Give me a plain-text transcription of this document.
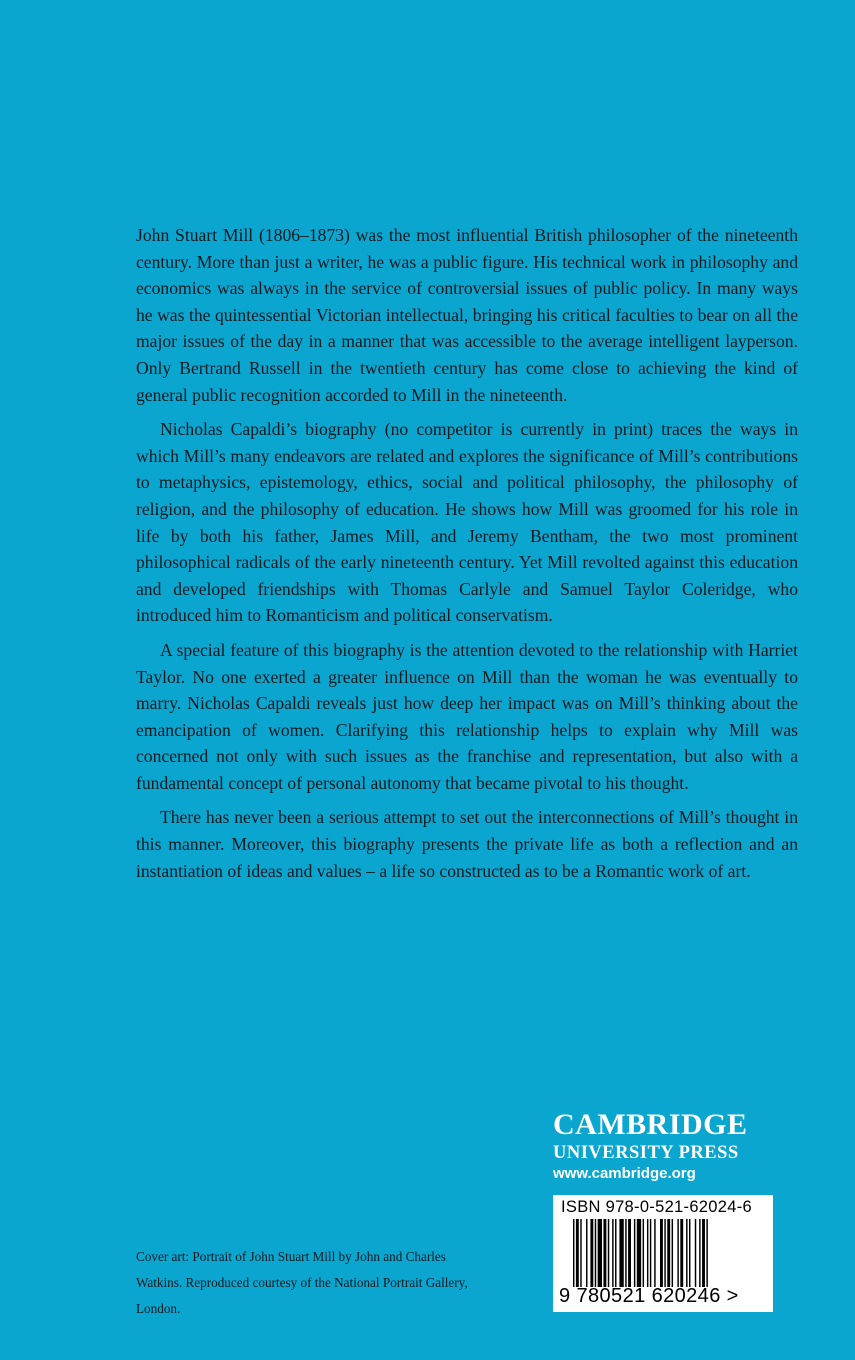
John Stuart Mill (1806–1873) was the most influential British philosopher of the nineteenth century. More than just a writer, he was a public figure. His technical work in philosophy and economics was always in the service of controversial issues of public policy. In many ways he was the quintessential Victorian intellectual, bringing his critical faculties to bear on all the major issues of the day in a manner that was accessible to the average intelligent layperson. Only Bertrand Russell in the twentieth century has come close to achieving the kind of general public recognition accorded to Mill in the nineteenth.

Nicholas Capaldi’s biography (no competitor is currently in print) traces the ways in which Mill’s many endeavors are related and explores the significance of Mill’s contributions to metaphysics, epistemology, ethics, social and political philosophy, the philosophy of religion, and the philosophy of education. He shows how Mill was groomed for his role in life by both his father, James Mill, and Jeremy Bentham, the two most prominent philosophical radicals of the early nineteenth century. Yet Mill revolted against this education and developed friendships with Thomas Carlyle and Samuel Taylor Coleridge, who introduced him to Romanticism and political conservatism.

A special feature of this biography is the attention devoted to the relationship with Harriet Taylor. No one exerted a greater influence on Mill than the woman he was eventually to marry. Nicholas Capaldi reveals just how deep her impact was on Mill’s thinking about the emancipation of women. Clarifying this relationship helps to explain why Mill was concerned not only with such issues as the franchise and representation, but also with a fundamental concept of personal autonomy that became pivotal to his thought.

There has never been a serious attempt to set out the interconnections of Mill’s thought in this manner. Moreover, this biography presents the private life as both a reflection and an instantiation of ideas and values – a life so constructed as to be a Romantic work of art.

Cover art: Portrait of John Stuart Mill by John and Charles Watkins. Reproduced courtesy of the National Portrait Gallery, London.
CAMBRIDGE
UNIVERSITY PRESS
www.cambridge.org
ISBN 978-0-521-62024-6
9 780521 620246 >
